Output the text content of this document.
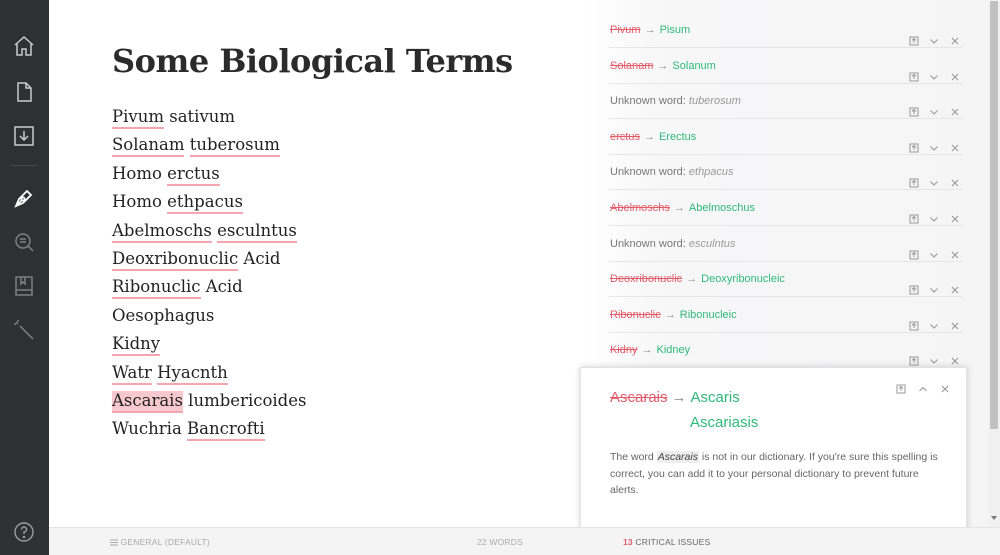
Some Biological Terms
Pivum sativum
Solanam tuberosum
Homo erctus
Homo ethpacus
Abelmoschs esculntus
Deoxribonuclic Acid
Ribonuclic Acid
Oesophagus
Kidny
Watr Hyacnth
Ascarais lumbericoides
Wuchria Bancrofti
Pivum → Pisum
Solanam → Solanum
Unknown word: tuberosum
erctus → Erectus
Unknown word: ethpacus
Abelmoschs → Abelmoschus
Unknown word: esculntus
Deoxribonuclic → Deoxyribonucleic
Ribonuclic → Ribonucleic
Kidny → Kidney
Ascarais → Ascaris
Ascariasis
The word Ascarais is not in our dictionary. If you're sure this spelling is correct, you can add it to your personal dictionary to prevent future alerts.
GENERAL (DEFAULT)	22 WORDS	13 CRITICAL ISSUES
